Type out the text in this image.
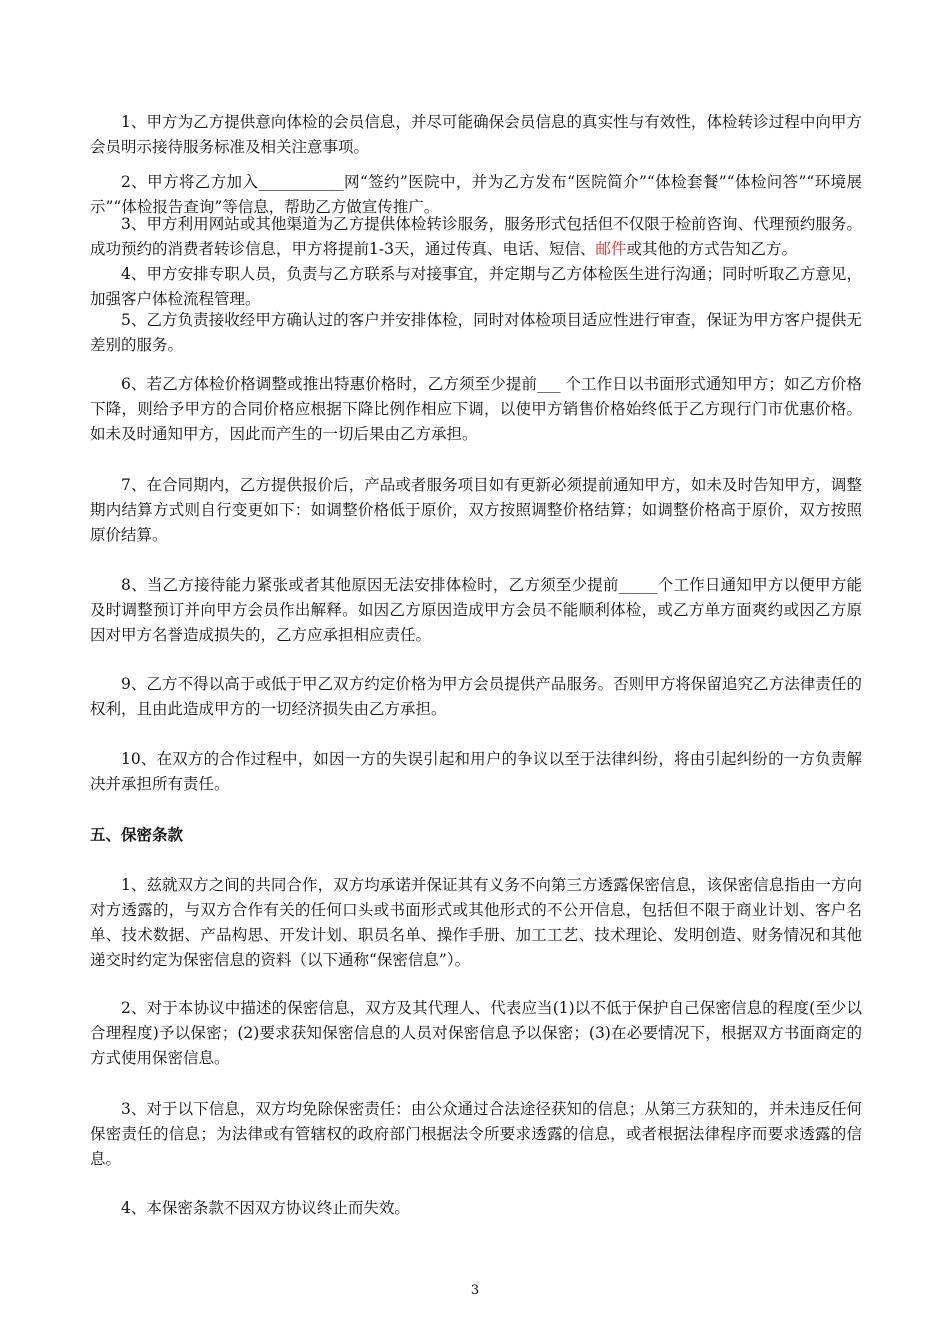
1、甲方为乙方提供意向体检的会员信息，并尽可能确保会员信息的真实性与有效性，体检转诊过程中向甲方会员明示接待服务标准及相关注意事项。

2、甲方将乙方加入___________网“签约”医院中，并为乙方发布“医院简介”“体检套餐”“体检问答”“环境展示”“体检报告查询”等信息，帮助乙方做宣传推广。

3、甲方利用网站或其他渠道为乙方提供体检转诊服务，服务形式包括但不仅限于检前咨询、代理预约服务。成功预约的消费者转诊信息，甲方将提前1-3天，通过传真、电话、短信、邮件或其他的方式告知乙方。

4、甲方安排专职人员，负责与乙方联系与对接事宜，并定期与乙方体检医生进行沟通；同时听取乙方意见，加强客户体检流程管理。

5、乙方负责接收经甲方确认过的客户并安排体检，同时对体检项目适应性进行审查，保证为甲方客户提供无差别的服务。

6、若乙方体检价格调整或推出特惠价格时，乙方须至少提前___ 个工作日以书面形式通知甲方；如乙方价格下降，则给予甲方的合同价格应根据下降比例作相应下调，以使甲方销售价格始终低于乙方现行门市优惠价格。如未及时通知甲方，因此而产生的一切后果由乙方承担。

7、在合同期内，乙方提供报价后，产品或者服务项目如有更新必须提前通知甲方，如未及时告知甲方，调整期内结算方式则自行变更如下：如调整价格低于原价，双方按照调整价格结算；如调整价格高于原价，双方按照原价结算。

8、当乙方接待能力紧张或者其他原因无法安排体检时，乙方须至少提前_____个工作日通知甲方以便甲方能及时调整预订并向甲方会员作出解释。如因乙方原因造成甲方会员不能顺利体检，或乙方单方面爽约或因乙方原因对甲方名誉造成损失的，乙方应承担相应责任。

9、乙方不得以高于或低于甲乙双方约定价格为甲方会员提供产品服务。否则甲方将保留追究乙方法律责任的权利，且由此造成甲方的一切经济损失由乙方承担。

10、在双方的合作过程中，如因一方的失误引起和用户的争议以至于法律纠纷，将由引起纠纷的一方负责解决并承担所有责任。

五、保密条款

1、兹就双方之间的共同合作，双方均承诺并保证其有义务不向第三方透露保密信息，该保密信息指由一方向对方透露的，与双方合作有关的任何口头或书面形式或其他形式的不公开信息，包括但不限于商业计划、客户名单、技术数据、产品构思、开发计划、职员名单、操作手册、加工工艺、技术理论、发明创造、财务情况和其他递交时约定为保密信息的资料（以下通称“保密信息”）。

2、对于本协议中描述的保密信息，双方及其代理人、代表应当(1)以不低于保护自己保密信息的程度(至少以合理程度)予以保密；(2)要求获知保密信息的人员对保密信息予以保密；(3)在必要情况下，根据双方书面商定的方式使用保密信息。

3、对于以下信息，双方均免除保密责任：由公众通过合法途径获知的信息；从第三方获知的，并未违反任何保密责任的信息；为法律或有管辖权的政府部门根据法令所要求透露的信息，或者根据法律程序而要求透露的信息。

4、本保密条款不因双方协议终止而失效。

3
